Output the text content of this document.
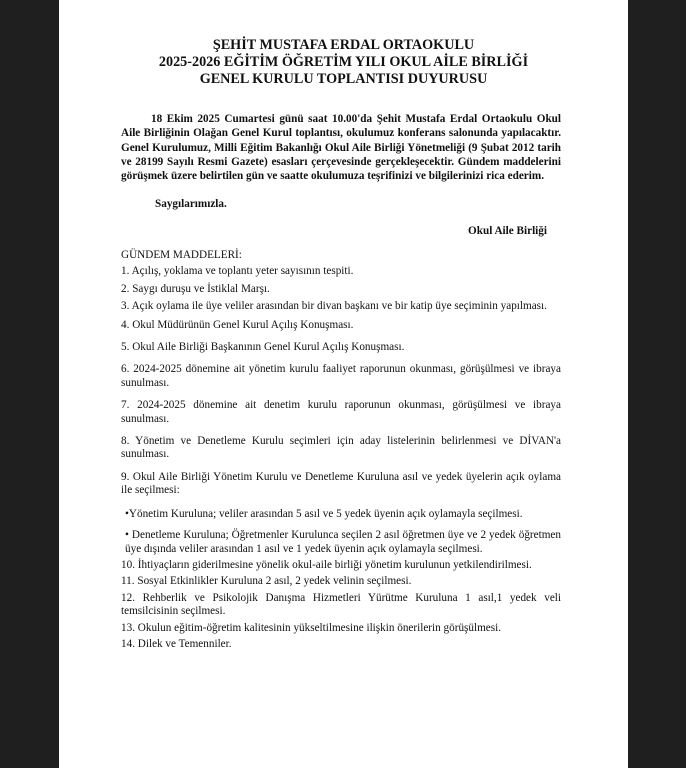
ŞEHİT MUSTAFA ERDAL ORTAOKULU
2025-2026 EĞİTİM ÖĞRETİM YILI OKUL AİLE BİRLİĞİ
GENEL KURULU TOPLANTISI DUYURUSU

18 Ekim 2025 Cumartesi günü saat 10.00'da Şehit Mustafa Erdal Ortaokulu Okul Aile Birliğinin Olağan Genel Kurul toplantısı, okulumuz konferans salonunda yapılacaktır. Genel Kurulumuz, Milli Eğitim Bakanlığı Okul Aile Birliği Yönetmeliği (9 Şubat 2012 tarih ve 28199 Sayılı Resmi Gazete) esasları çerçevesinde gerçekleşecektir. Gündem maddelerini görüşmek üzere belirtilen gün ve saatte okulumuza teşrifinizi ve bilgilerinizi rica ederim.

Saygılarımızla.
Okul Aile Birliği

GÜNDEM MADDELERİ:

1. Açılış, yoklama ve toplantı yeter sayısının tespiti.

2. Saygı duruşu ve İstiklal Marşı.

3. Açık oylama ile üye veliler arasından bir divan başkanı ve bir katip üye seçiminin yapılması.

4. Okul Müdürünün Genel Kurul Açılış Konuşması.

5. Okul Aile Birliği Başkanının Genel Kurul Açılış Konuşması.

6. 2024-2025 dönemine ait yönetim kurulu faaliyet raporunun okunması, görüşülmesi ve ibraya sunulması.

7. 2024-2025 dönemine ait denetim kurulu raporunun okunması, görüşülmesi ve ibraya sunulması.

8. Yönetim ve Denetleme Kurulu seçimleri için aday listelerinin belirlenmesi ve DİVAN'a sunulması.

9. Okul Aile Birliği Yönetim Kurulu ve Denetleme Kuruluna asıl ve yedek üyelerin açık oylama ile seçilmesi:

•Yönetim Kuruluna; veliler arasından 5 asıl ve 5 yedek üyenin açık oylamayla seçilmesi.

• Denetleme Kuruluna; Öğretmenler Kurulunca seçilen 2 asıl öğretmen üye ve 2 yedek öğretmen üye dışında veliler arasından 1 asıl ve 1 yedek üyenin açık oylamayla seçilmesi.

10. İhtiyaçların giderilmesine yönelik okul-aile birliği yönetim kurulunun yetkilendirilmesi.

11. Sosyal Etkinlikler Kuruluna 2 asıl, 2 yedek velinin seçilmesi.

12. Rehberlik ve Psikolojik Danışma Hizmetleri Yürütme Kuruluna 1 asıl,1 yedek veli temsilcisinin seçilmesi.

13. Okulun eğitim-öğretim kalitesinin yükseltilmesine ilişkin önerilerin görüşülmesi.

14. Dilek ve Temenniler.
